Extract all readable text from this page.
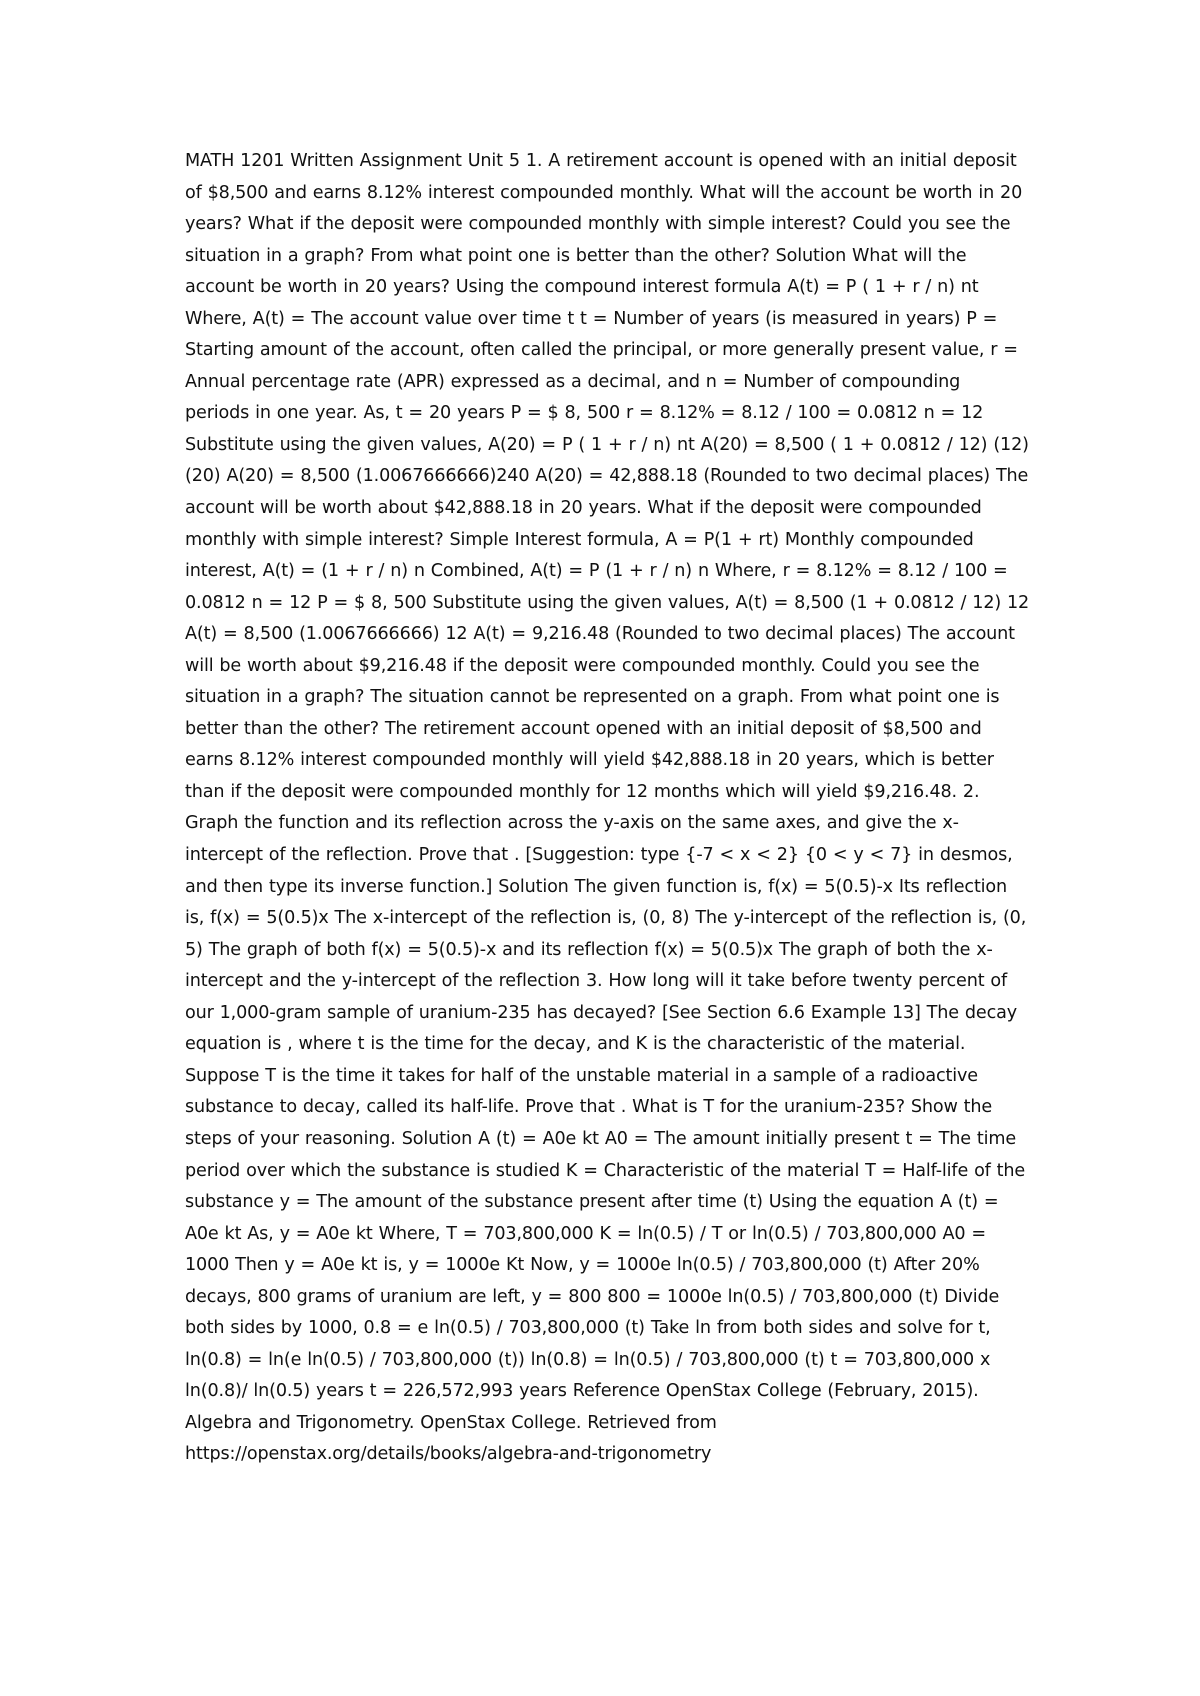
MATH 1201 Written Assignment Unit 5 1. A retirement account is opened with an initial deposit of $8,500 and earns 8.12% interest compounded monthly. What will the account be worth in 20 years? What if the deposit were compounded monthly with simple interest? Could you see the situation in a graph? From what point one is better than the other? Solution What will the account be worth in 20 years? Using the compound interest formula A(t) = P ( 1 + r / n) nt Where, A(t) = The account value over time t t = Number of years (is measured in years) P = Starting amount of the account, often called the principal, or more generally present value, r = Annual percentage rate (APR) expressed as a decimal, and n = Number of compounding periods in one year. As, t = 20 years P = $ 8, 500 r = 8.12% = 8.12 / 100 = 0.0812 n = 12 Substitute using the given values, A(20) = P ( 1 + r / n) nt A(20) = 8,500 ( 1 + 0.0812 / 12) (12) (20) A(20) = 8,500 (1.0067666666)240 A(20) = 42,888.18 (Rounded to two decimal places) The account will be worth about $42,888.18 in 20 years. What if the deposit were compounded monthly with simple interest? Simple Interest formula, A = P(1 + rt) Monthly compounded interest, A(t) = (1 + r / n) n Combined, A(t) = P (1 + r / n) n Where, r = 8.12% = 8.12 / 100 = 0.0812 n = 12 P = $ 8, 500 Substitute using the given values, A(t) = 8,500 (1 + 0.0812 / 12) 12 A(t) = 8,500 (1.0067666666) 12 A(t) = 9,216.48 (Rounded to two decimal places) The account will be worth about $9,216.48 if the deposit were compounded monthly. Could you see the situation in a graph? The situation cannot be represented on a graph. From what point one is better than the other? The retirement account opened with an initial deposit of $8,500 and earns 8.12% interest compounded monthly will yield $42,888.18 in 20 years, which is better than if the deposit were compounded monthly for 12 months which will yield $9,216.48. 2. Graph the function and its reflection across the y-axis on the same axes, and give the x-intercept of the reflection. Prove that . [Suggestion: type {-7 < x < 2} {0 < y < 7} in desmos, and then type its inverse function.] Solution The given function is, f(x) = 5(0.5)-x Its reflection is, f(x) = 5(0.5)x The x-intercept of the reflection is, (0, 8) The y-intercept of the reflection is, (0, 5) The graph of both f(x) = 5(0.5)-x and its reflection f(x) = 5(0.5)x The graph of both the x-intercept and the y-intercept of the reflection 3. How long will it take before twenty percent of our 1,000-gram sample of uranium-235 has decayed? [See Section 6.6 Example 13] The decay equation is , where t is the time for the decay, and K is the characteristic of the material. Suppose T is the time it takes for half of the unstable material in a sample of a radioactive substance to decay, called its half-life. Prove that . What is T for the uranium-235? Show the steps of your reasoning. Solution A (t) = A0e kt A0 = The amount initially present t = The time period over which the substance is studied K = Characteristic of the material T = Half-life of the substance y = The amount of the substance present after time (t) Using the equation A (t) = A0e kt As, y = A0e kt Where, T = 703,800,000 K = ln(0.5) / T or ln(0.5) / 703,800,000 A0 = 1000 Then y = A0e kt is, y = 1000e Kt Now, y = 1000e ln(0.5) / 703,800,000 (t) After 20% decays, 800 grams of uranium are left, y = 800 800 = 1000e ln(0.5) / 703,800,000 (t) Divide both sides by 1000, 0.8 = e ln(0.5) / 703,800,000 (t) Take ln from both sides and solve for t, ln(0.8) = ln(e ln(0.5) / 703,800,000 (t)) ln(0.8) = ln(0.5) / 703,800,000 (t) t = 703,800,000 x ln(0.8)/ ln(0.5) years t = 226,572,993 years Reference OpenStax College (February, 2015). Algebra and Trigonometry. OpenStax College. Retrieved from https://openstax.org/details/books/algebra-and-trigonometry
